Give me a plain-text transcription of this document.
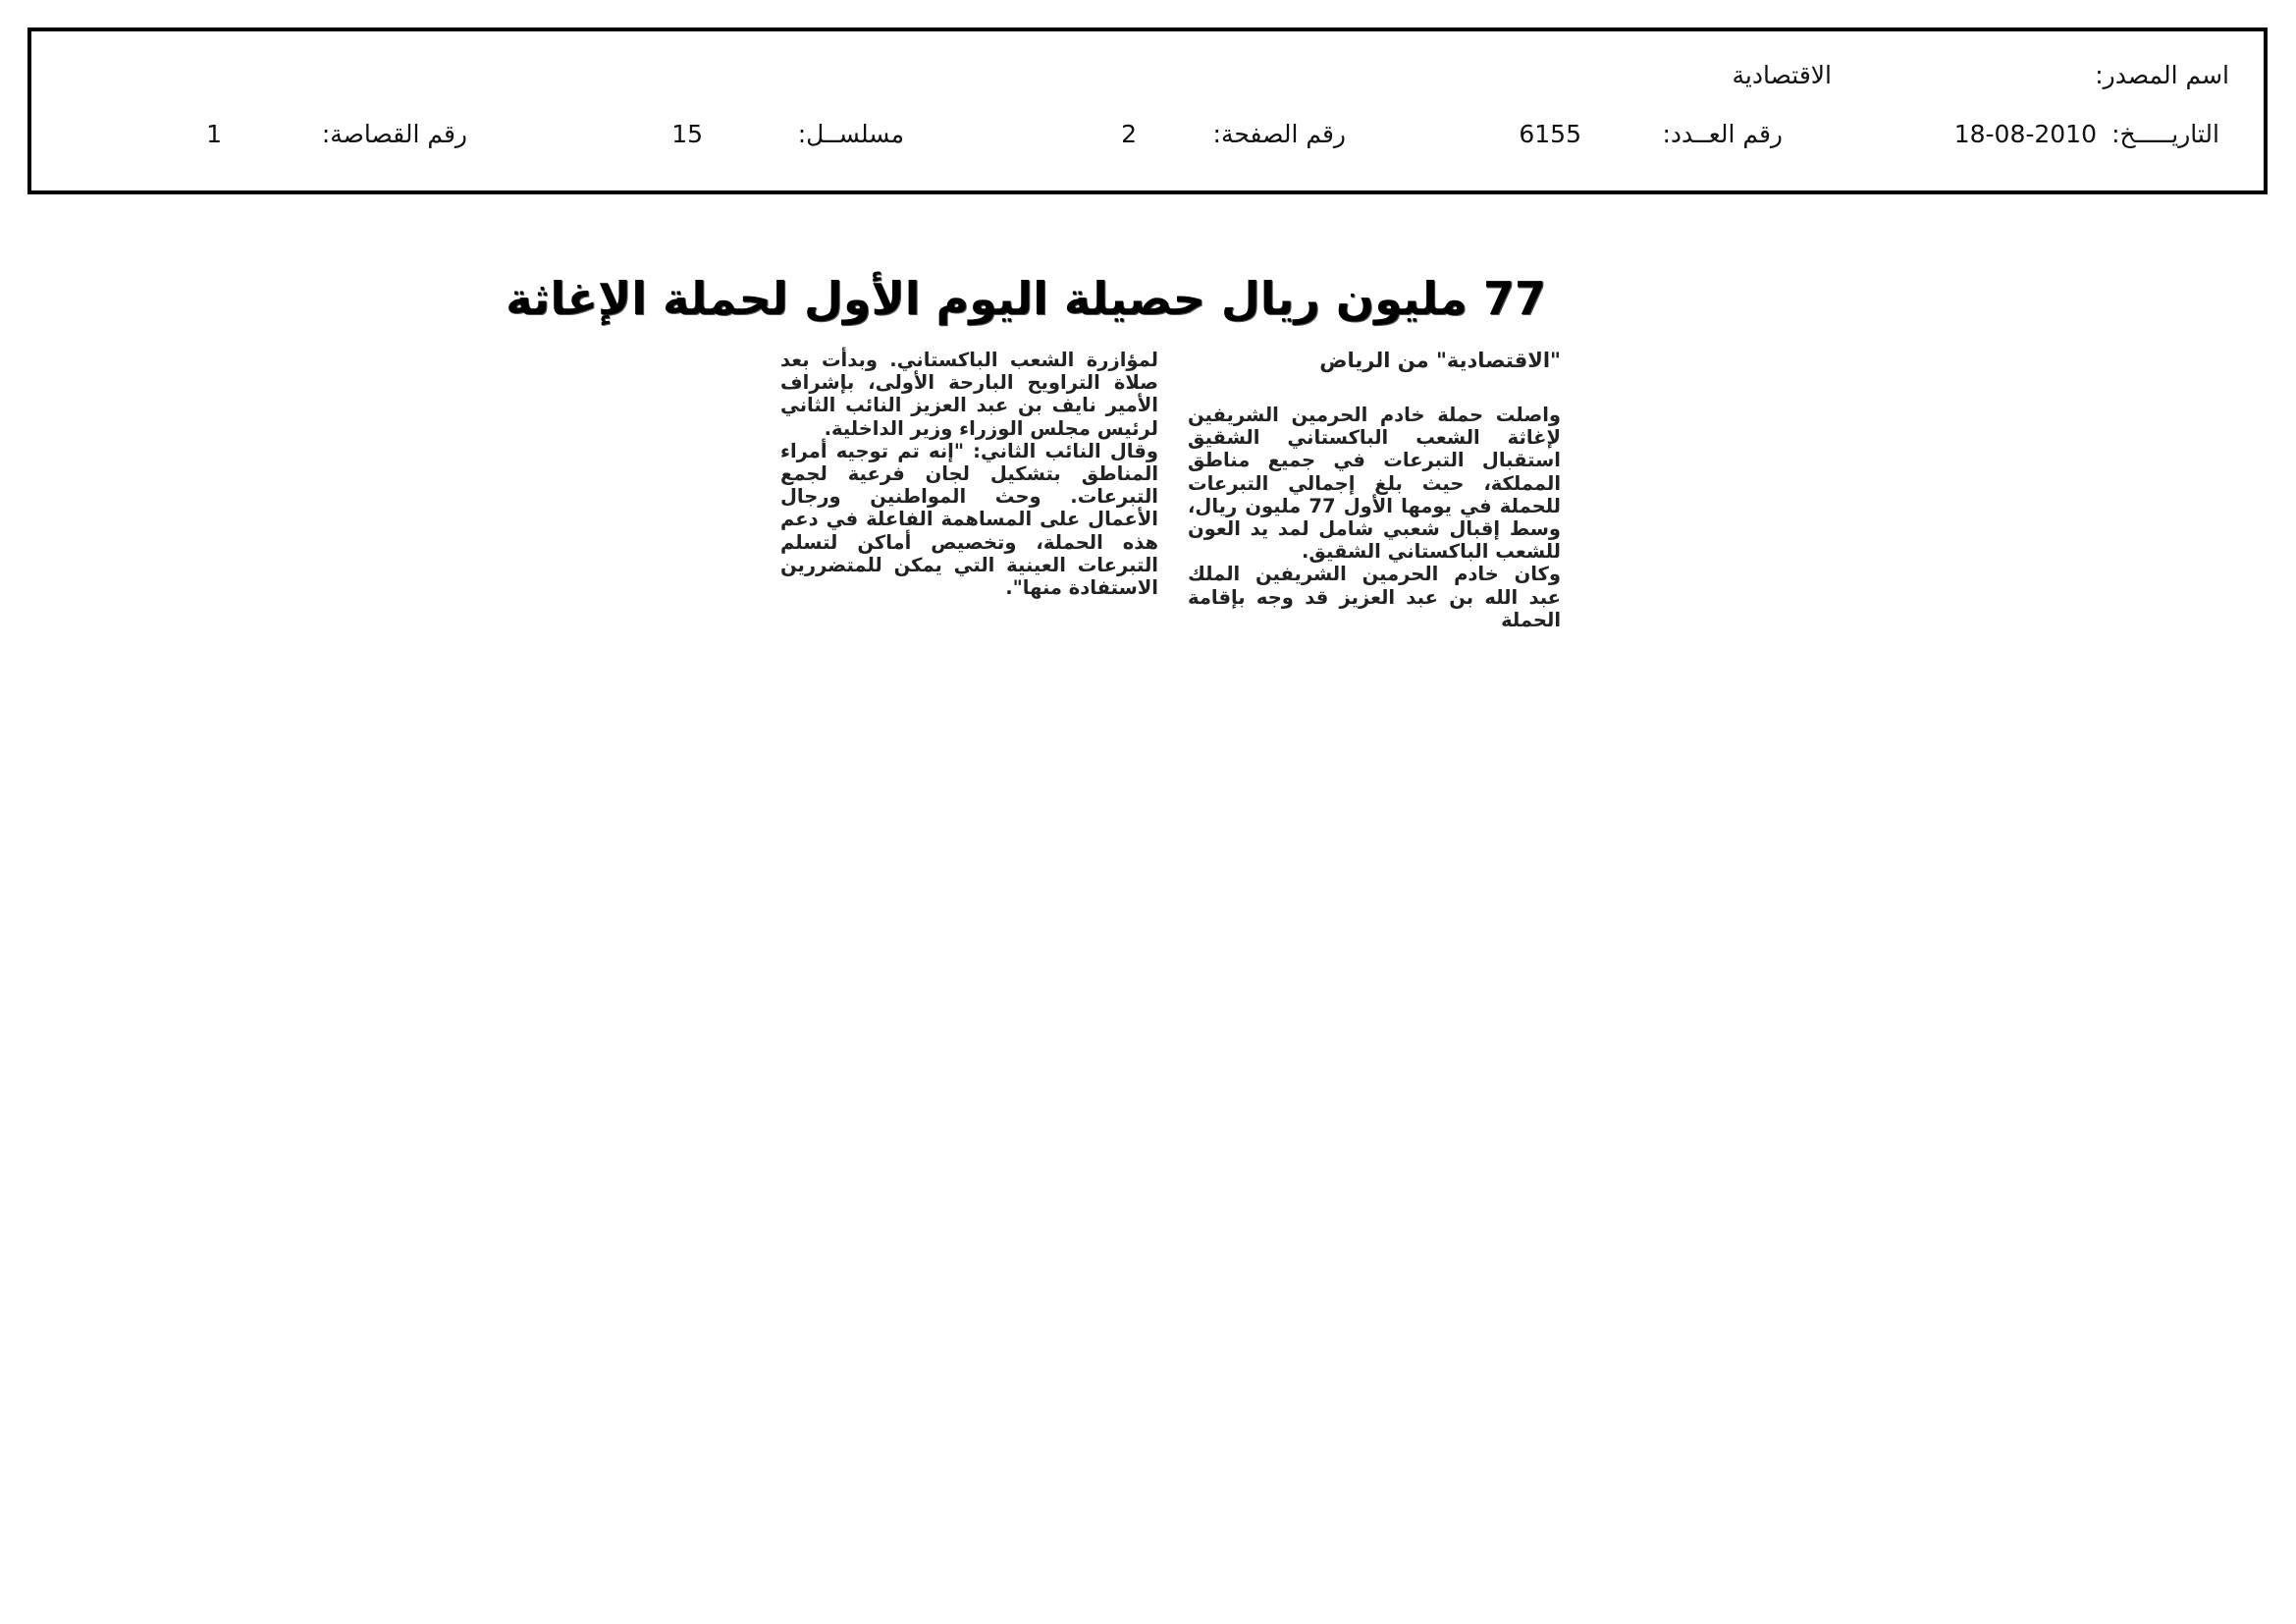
اسم المصدر:
الاقتصادية
التاريـــــخ:
18-08-2010
رقم العــدد:
6155
رقم الصفحة:
2
مسلســل:
15
رقم القصاصة:
1
77 مليون ريال حصيلة اليوم الأول لحملة الإغاثة
"الاقتصادية" من الرياض

واصلت حملة خادم الحرمين الشريفين لإغاثة الشعب الباكستاني الشقيق استقبال التبرعات في جميع مناطق المملكة، حيث بلغ إجمالي التبرعات للحملة في يومها الأول 77 مليون ريال، وسط إقبال شعبي شامل لمد يد العون للشعب الباكستاني الشقيق.

وكان خادم الحرمين الشريفين الملك عبد الله بن عبد العزيز قد وجه بإقامة الحملة

لمؤازرة الشعب الباكستاني. وبدأت بعد صلاة التراويح البارحة الأولى، بإشراف الأمير نايف بن عبد العزيز النائب الثاني لرئيس مجلس الوزراء وزير الداخلية.

وقال النائب الثاني: "إنه تم توجيه أمراء المناطق بتشكيل لجان فرعية لجمع التبرعات. وحث المواطنين ورجال الأعمال على المساهمة الفاعلة في دعم هذه الحملة، وتخصيص أماكن لتسلم التبرعات العينية التي يمكن للمتضررين الاستفادة منها".
